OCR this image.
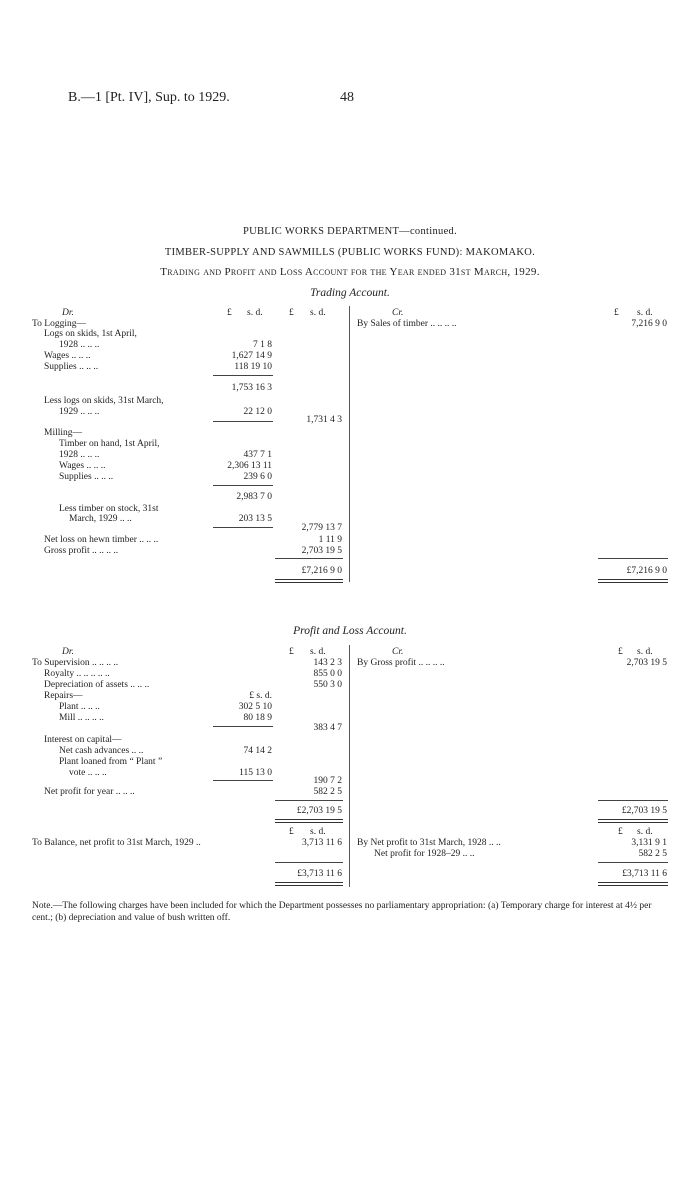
B.—1 [Pt. IV], Sup. to 1929.	48
PUBLIC WORKS DEPARTMENT—continued.
TIMBER-SUPPLY AND SAWMILLS (PUBLIC WORKS FUND): MAKOMAKO.
Trading and Profit and Loss Account for the Year ended 31st March, 1929.
Trading Account.
Dr.	£ s. d.	£ s. d.	Cr.	£ s. d.
To Logging—
Logs on skids, 1st April,
1928 .. .. ..	7 1 8
Wages .. .. ..	1,627 14 9
Supplies .. .. ..	118 19 10
1,753 16 3
Less logs on skids, 31st March,
1929 .. .. ..	22 12 0
1,731 4 3
Milling—
Timber on hand, 1st April,
1928 .. .. ..	437 7 1
Wages .. .. ..	2,306 13 11
Supplies .. .. ..	239 6 0
2,983 7 0
Less timber on stock, 31st
March, 1929 .. ..	203 13 5
2,779 13 7
Net loss on hewn timber .. .. ..	1 11 9
Gross profit .. .. .. ..	2,703 19 5
£7,216 9 0
By Sales of timber .. .. .. ..	7,216 9 0
£7,216 9 0
Profit and Loss Account.
Dr.	£ s. d.	Cr.	£ s. d.
To Supervision .. .. .. ..	143 2 3
Royalty .. .. .. .. ..	855 0 0
Depreciation of assets .. .. ..	550 3 0
Repairs—	£ s. d.
Plant .. .. ..	302 5 10
Mill .. .. .. ..	80 18 9
383 4 7
Interest on capital—
Net cash advances .. ..	74 14 2
Plant loaned from “ Plant ”
vote .. .. ..	115 13 0
190 7 2
Net profit for year .. .. ..	582 2 5
£2,703 19 5
By Gross profit .. .. .. ..	2,703 19 5
£2,703 19 5
£ s. d.	£ s. d.
To Balance, net profit to 31st March, 1929 ..	3,713 11 6 By Net profit to 31st March, 1928 .. ..	3,131 9 1
Net profit for 1928–29 .. ..	582 2 5
£3,713 11 6	£3,713 11 6
Note.—The following charges have been included for which the Department possesses no parliamentary appropriation: (a) Temporary charge for interest at 4½ per cent.; (b) depreciation and value of bush written off.
